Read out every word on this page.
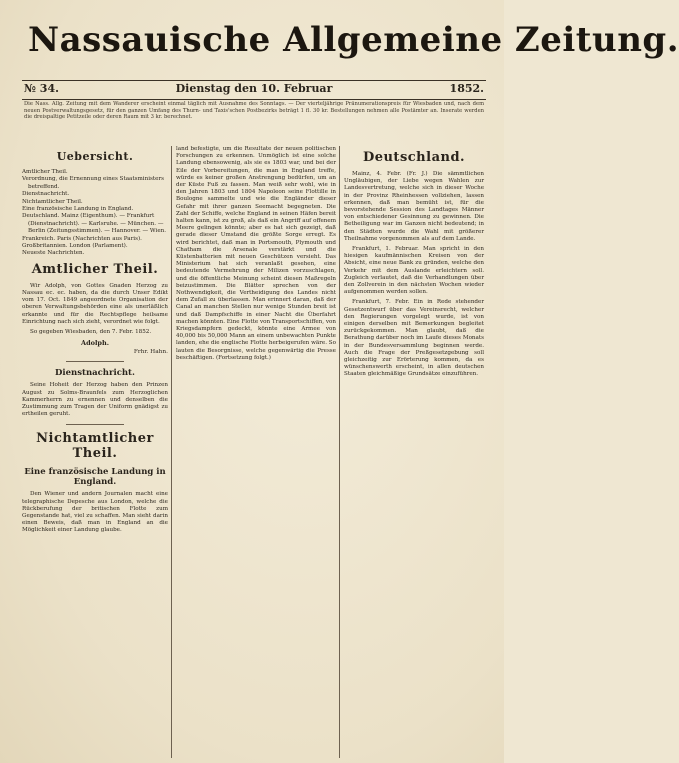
Nassauische Allgemeine Zeitung.
№ 34.	Dienstag den 10. Februar	1852.
Die Nass. Allg. Zeitung mit dem Wanderer erscheint einmal täglich mit Ausnahme des Sonntags. — Der vierteljährige Pränumerationspreis für Wiesbaden und, nach dem neuen Postverwaltungsgesetz, für den ganzen Umfang des Thurn- und Taxis'schen Postbezirks beträgt 1 fl. 30 kr. Bestellungen nehmen alle Postämter an. Inserate werden die dreispaltige Petitzeile oder deren Raum mit 3 kr. berechnet.
Uebersicht.
Amtlicher Theil.
Verordnung, die Ernennung eines Staatsministers betreffend.
Dienstnachricht.
Nichtamtlicher Theil.
Eine französische Landung in England.
Deutschland. Mainz (Eigenthum). — Frankfurt (Dienstnachricht). — Karlsruhe. — München. — Berlin (Zeitungsstimmen). — Hannover. — Wien.
Frankreich. Paris (Nachrichten aus Paris).
Großbritannien. London (Parlament).
Neueste Nachrichten.
Amtlicher Theil.
Wir Adolph, von Gottes Gnaden Herzog zu Nassau ec. ec. haben, da die durch Unser Edikt vom 17. Oct. 1849 angeordnete Organisation der oberen Verwaltungsbehörden eine als unerläßlich erkannte und für die Rechtspflege heilsame Einrichtung nach sich zieht, verordnet wie folgt.
So gegeben Wiesbaden, den 7. Febr. 1852.
Adolph.
Frhr. Hahn.
Dienstnachricht.
Seine Hoheit der Herzog haben den Prinzen August zu Solms-Braunfels zum Herzoglichen Kammerherrn zu ernennen und denselben die Zustimmung zum Tragen der Uniform gnädigst zu ertheilen geruht.
Nichtamtlicher Theil.
Eine französische Landung in England.
Den Wiener und andern Journalen macht eine telegraphische Depesche aus London, welche die Rückberufung der britischen Flotte zum Gegenstande hat, viel zu schaffen. Man sieht darin einen Beweis, daß man in England an die Möglichkeit einer Landung glaube.
land befestigte, um die Resultate der neuen politischen Forschungen zu erkennen. Unmöglich ist eine solche Landung ebensowenig, als sie es 1803 war, und bei der Eile der Vorbereitungen, die man in England treffe, würde es keiner großen Anstrengung bedürfen, um an der Küste Fuß zu fassen. Man weiß sehr wohl, wie in den Jahren 1803 und 1804 Napoleon seine Flottille in Boulogne sammelte und wie die Engländer dieser Gefahr mit ihrer ganzen Seemacht begegneten. Die Zahl der Schiffe, welche England in seinen Häfen bereit halten kann, ist zu groß, als daß ein Angriff auf offenem Meere gelingen könnte; aber es hat sich gezeigt, daß gerade dieser Umstand die größte Sorge erregt. Es wird berichtet, daß man in Portsmouth, Plymouth und Chatham die Arsenale verstärkt und die Küstenbatterien mit neuen Geschützen versieht. Das Ministerium hat sich veranlaßt gesehen, eine bedeutende Vermehrung der Milizen vorzuschlagen, und die öffentliche Meinung scheint diesen Maßregeln beizustimmen. Die Blätter sprechen von der Nothwendigkeit, die Vertheidigung des Landes nicht dem Zufall zu überlassen. Man erinnert daran, daß der Canal an manchen Stellen nur wenige Stunden breit ist und daß Dampfschiffe in einer Nacht die Überfahrt machen könnten. Eine Flotte von Transportschiffen, von Kriegsdampfern gedeckt, könnte eine Armee von 40,000 bis 50,000 Mann an einem unbewachten Punkte landen, ehe die englische Flotte herbeigerufen wäre. So lauten die Besorgnisse, welche gegenwärtig die Presse beschäftigen. (Fortsetzung folgt.)
Deutschland.
Mainz, 4. Febr. (Fr. J.) Die sämmtlichen Ungläubigen, der Liebe wegen Wahlen zur Landesvertretung, welche sich in dieser Woche in der Provinz Rheinhessen vollziehen, lassen erkennen, daß man bemüht ist, für die bevorstehende Session des Landtages Männer von entschiedener Gesinnung zu gewinnen. Die Betheiligung war im Ganzen nicht bedeutend; in den Städten wurde die Wahl mit größerer Theilnahme vorgenommen als auf dem Lande.
Frankfurt, 1. Februar. Man spricht in den hiesigen kaufmännischen Kreisen von der Absicht, eine neue Bank zu gründen, welche den Verkehr mit dem Auslande erleichtern soll. Zugleich verlautet, daß die Verhandlungen über den Zollverein in den nächsten Wochen wieder aufgenommen werden sollen.
Frankfurt, 7. Febr. Ein in Rede stehender Gesetzentwurf über das Vereinsrecht, welcher den Regierungen vorgelegt wurde, ist von einigen derselben mit Bemerkungen begleitet zurückgekommen. Man glaubt, daß die Berathung darüber noch im Laufe dieses Monats in der Bundesversammlung beginnen werde. Auch die Frage der Preßgesetzgebung soll gleichzeitig zur Erörterung kommen, da es wünschenswerth erscheint, in allen deutschen Staaten gleichmäßige Grundsätze einzuführen.
